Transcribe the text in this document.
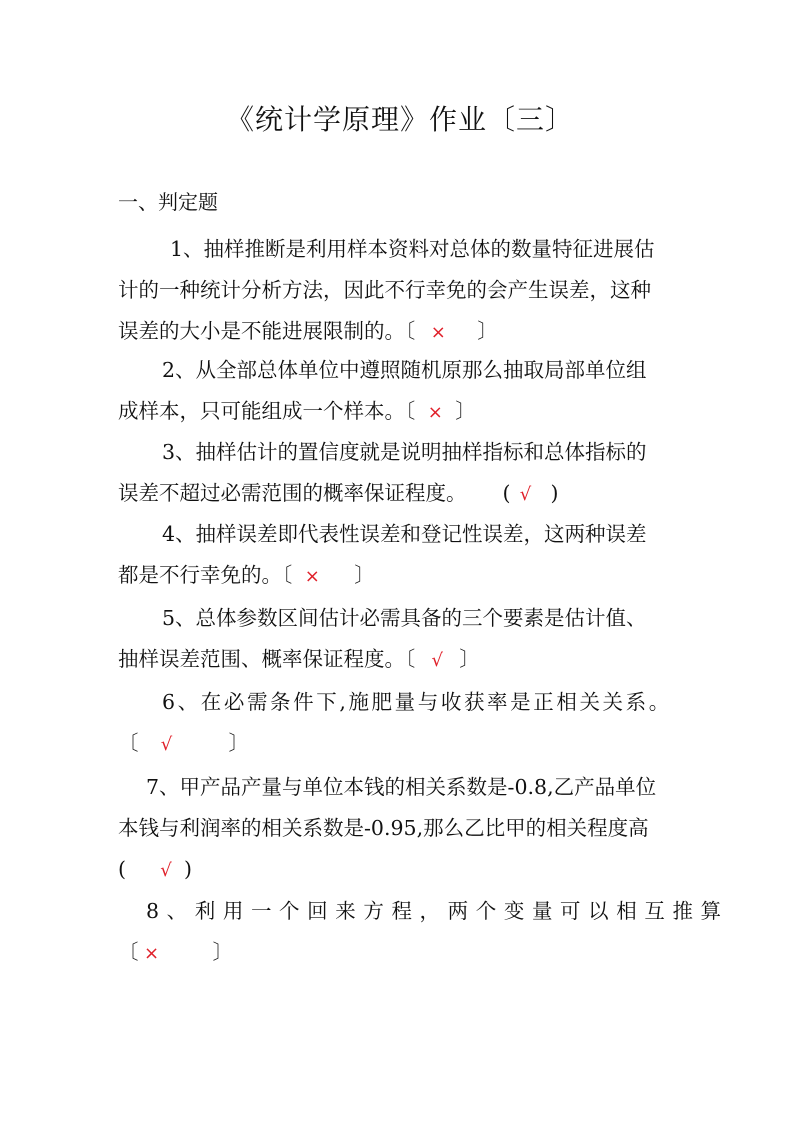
《统计学原理》作业〔三〕
一、判定题
1、抽样推断是利用样本资料对总体的数量特征进展估
计的一种统计分析方法，因此不行幸免的会产生误差，这种
误差的大小是不能进展限制的。〔 × 〕
2、从全部总体单位中遵照随机原那么抽取局部单位组
成样本，只可能组成一个样本。〔 × 〕
3、抽样估计的置信度就是说明抽样指标和总体指标的
误差不超过必需范围的概率保证程度。 ( √ )
4、抽样误差即代表性误差和登记性误差，这两种误差
都是不行幸免的。〔 × 〕
5、总体参数区间估计必需具备的三个要素是估计值、
抽样误差范围、概率保证程度。〔 √ 〕
6、在必需条件下,施肥量与收获率是正相关关系。
〔 √	〕
7、甲产品产量与单位本钱的相关系数是-0.8,乙产品单位
本钱与利润率的相关系数是-0.95,那么乙比甲的相关程度高
( √ )
8、利用一个回来方程，两个变量可以相互推算
〔 ×	〕
